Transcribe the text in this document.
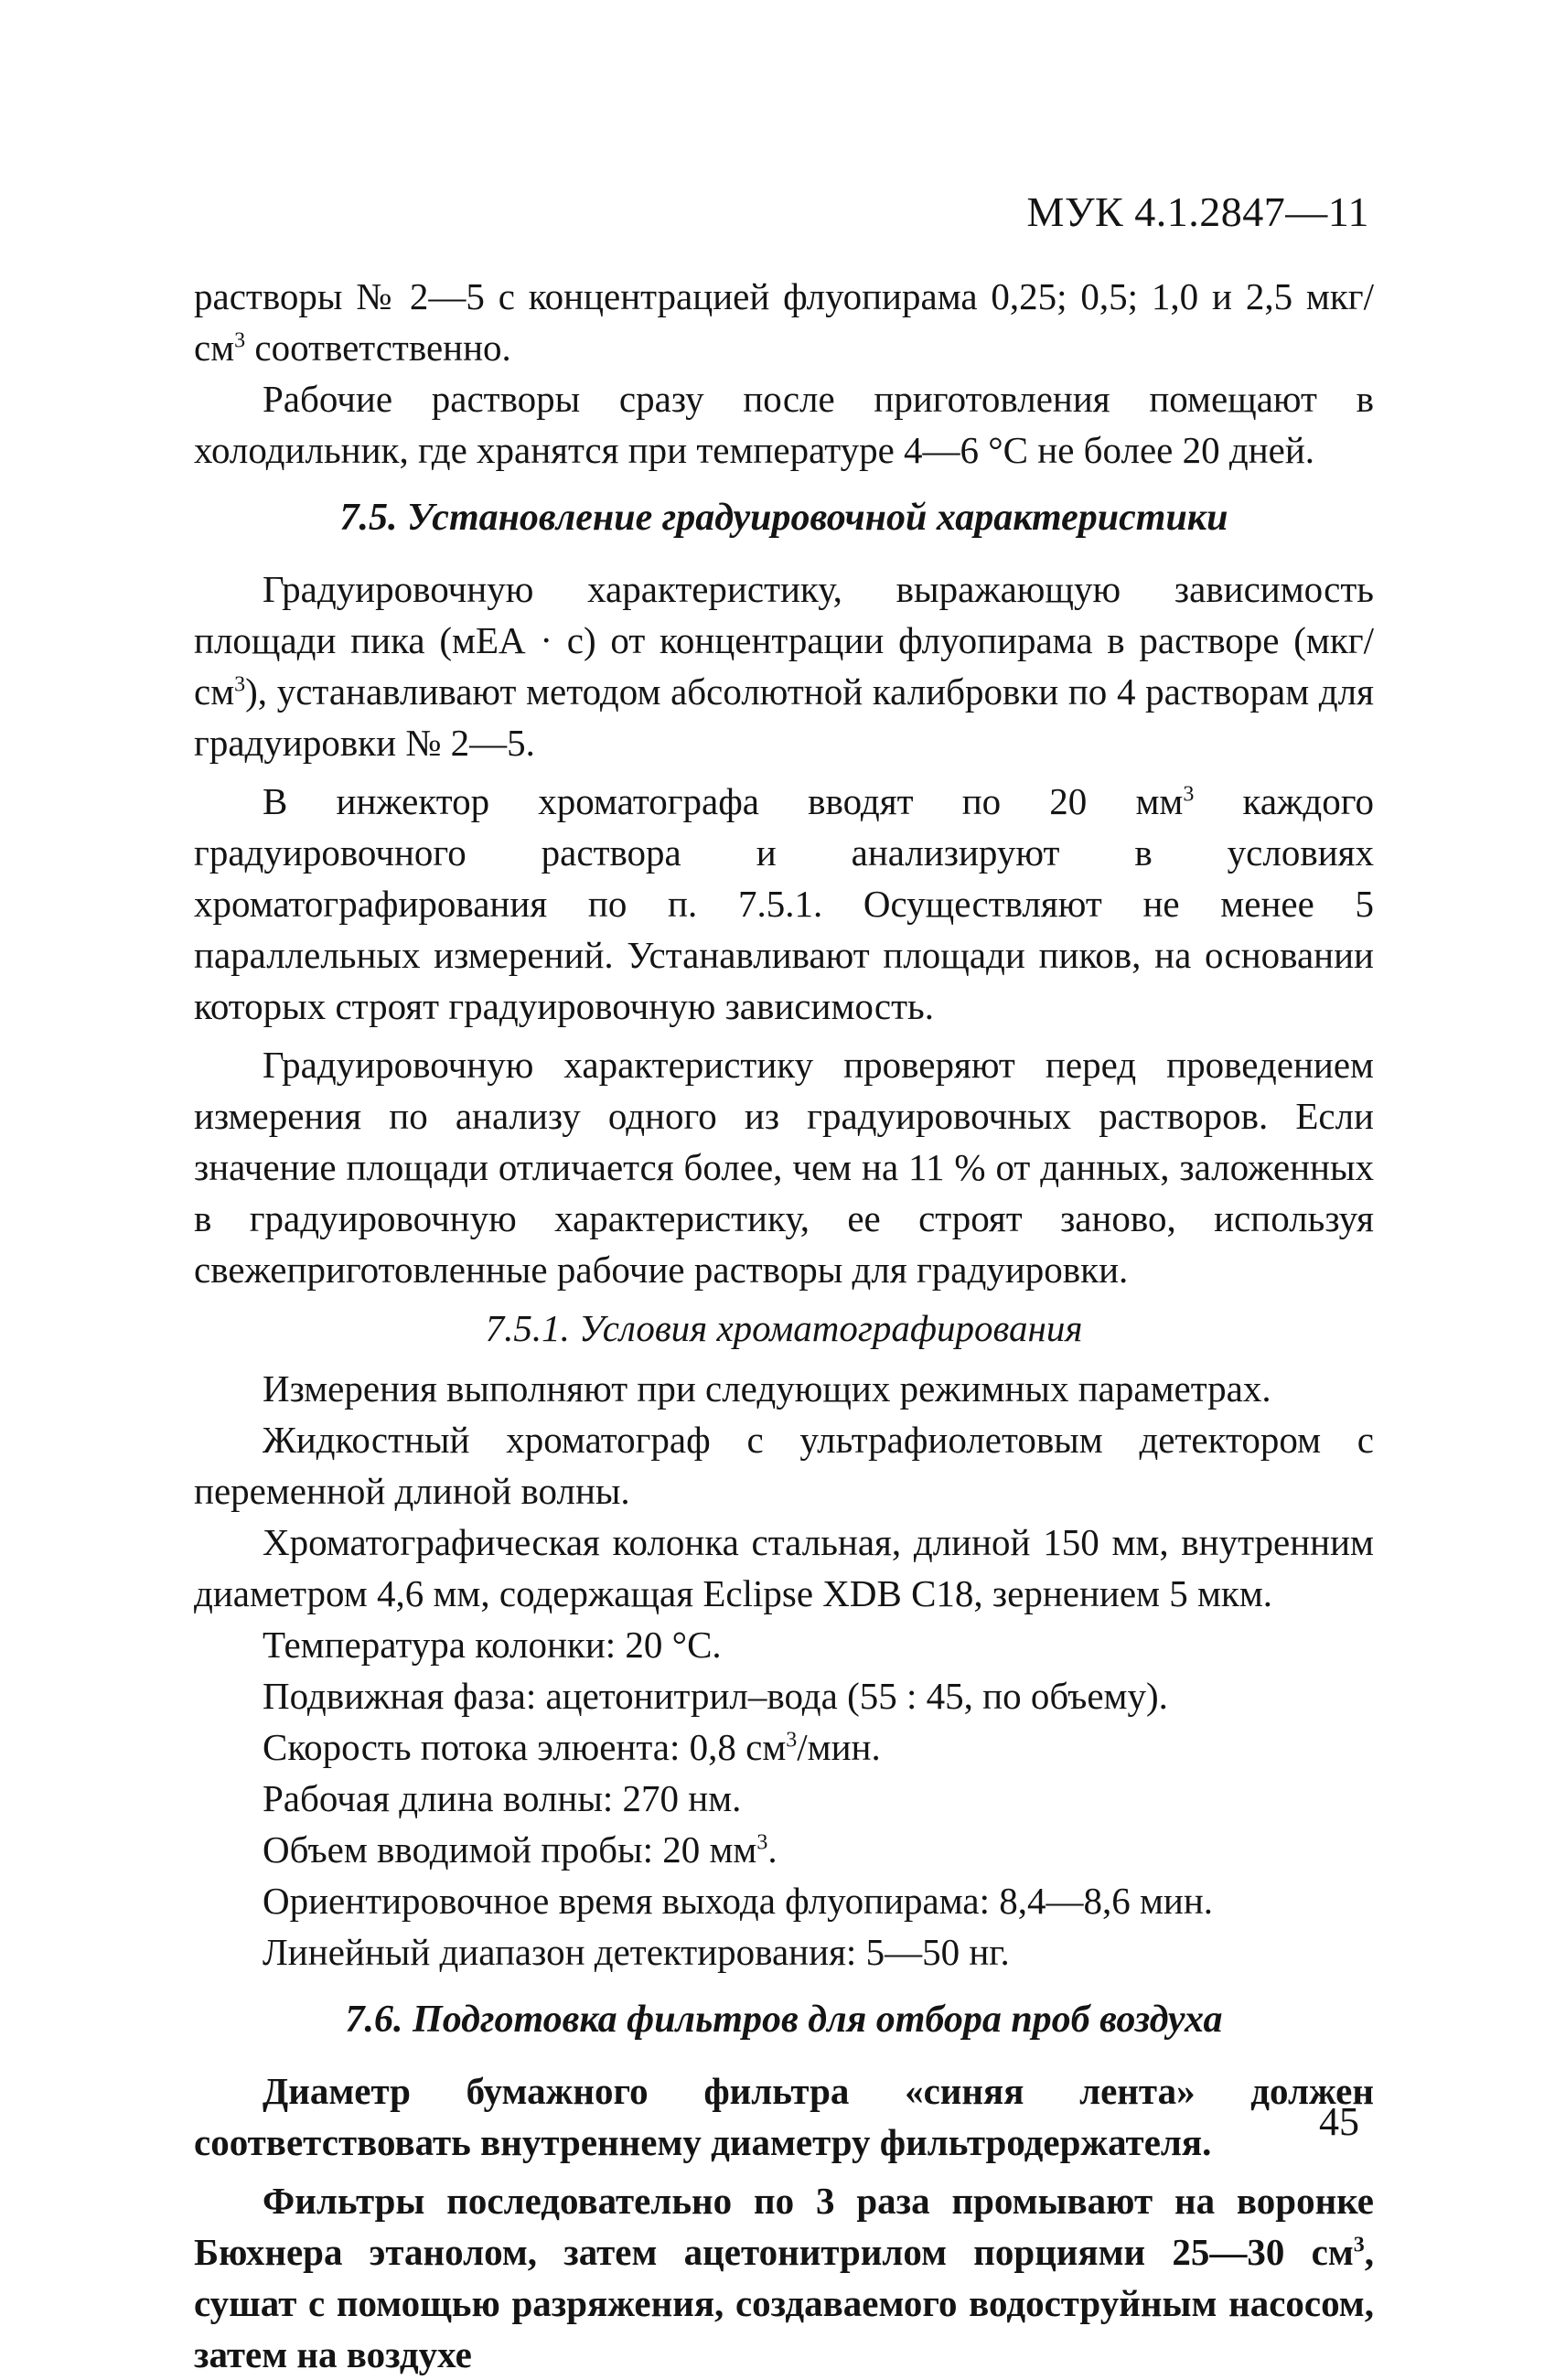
МУК 4.1.2847—11

растворы № 2—5 с концентрацией флуопирама 0,25; 0,5; 1,0 и 2,5 мкг/$см^3$ соответственно.

Рабочие растворы сразу после приготовления помещают в холодильник, где хранятся при температуре 4—6 °С не более 20 дней.

7.5. Установление градуировочной характеристики

Градуировочную характеристику, выражающую зависимость площади пика (мЕА · с) от концентрации флуопирама в растворе $(мкг/см^3)$, устанавливают методом абсолютной калибровки по 4 растворам для градуировки № 2—5.

В инжектор хроматографа вводят по 20 $мм^3$ каждого градуировочного раствора и анализируют в условиях хроматографирования по п. 7.5.1. Осуществляют не менее 5 параллельных измерений. Устанавливают площади пиков, на основании которых строят градуировочную зависимость.

Градуировочную характеристику проверяют перед проведением измерения по анализу одного из градуировочных растворов. Если значение площади отличается более, чем на 11 % от данных, заложенных в градуировочную характеристику, ее строят заново, используя свежеприготовленные рабочие растворы для градуировки.

7.5.1. Условия хроматографирования

Измерения выполняют при следующих режимных параметрах.

Жидкостный хроматограф с ультрафиолетовым детектором с переменной длиной волны.

Хроматографическая колонка стальная, длиной 150 мм, внутренним диаметром 4,6 мм, содержащая Eclipse XDB C18, зернением 5 мкм.

Температура колонки: 20 °С.
Подвижная фаза: ацетонитрил–вода (55 : 45, по объему).
Скорость потока элюента: 0,8 $см^3$/мин.
Рабочая длина волны: 270 нм.
Объем вводимой пробы: 20 $мм^3$.
Ориентировочное время выхода флуопирама: 8,4—8,6 мин.
Линейный диапазон детектирования: 5—50 нг.
7.6. Подготовка фильтров для отбора проб воздуха

Диаметр бумажного фильтра «синяя лента» должен соответствовать внутреннему диаметру фильтродержателя.

Фильтры последовательно по 3 раза промывают на воронке Бюхнера этанолом, затем ацетонитрилом порциями 25—30 $см^3$, сушат с помощью разряжения, создаваемого водоструйным насосом, затем на воздухе

45
